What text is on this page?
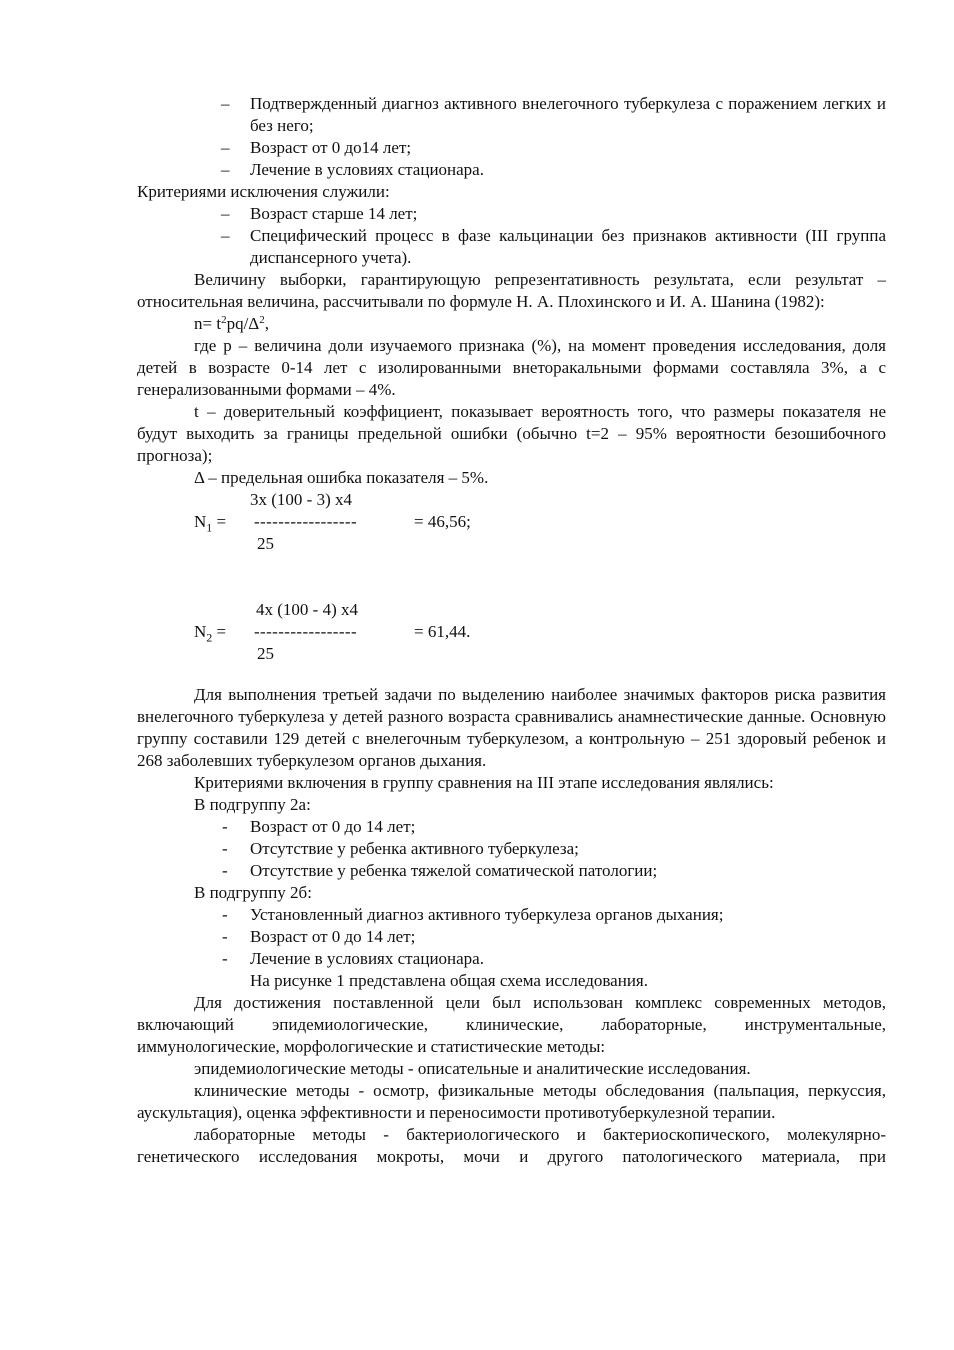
– Подтвержденный диагноз активного внелегочного туберкулеза с поражением легких и без него;

– Возраст от 0 до14 лет;

– Лечение в условиях стационара.

Критериями исключения служили:

– Возраст старше 14 лет;

– Специфический процесс в фазе кальцинации без признаков активности (III группа диспансерного учета).

Величину выборки, гарантирующую репрезентативность результата, если результат – относительная величина, рассчитывали по формуле Н. А. Плохинского и И. А. Шанина (1982):

$n= t^2pq/\Delta^2$,

где p – величина доли изучаемого признака (%), на момент проведения исследования, доля детей в возрасте 0-14 лет с изолированными внеторакальными формами составляла 3%, а с генерализованными формами – 4%.

t – доверительный коэффициент, показывает вероятность того, что размеры показателя не будут выходить за границы предельной ошибки (обычно t=2 – 95% вероятности безошибочного прогноза);

Δ – предельная ошибка показателя – 5%.

3х (100 - 3) х4
$N_1$ = -----------------	= 46,56;
25
4х (100 - 4) х4
$N_2$ = -----------------	= 61,44.
25

Для выполнения третьей задачи по выделению наиболее значимых факторов риска развития внелегочного туберкулеза у детей разного возраста сравнивались анамнестические данные. Основную группу составили 129 детей с внелегочным туберкулезом, а контрольную – 251 здоровый ребенок и 268 заболевших туберкулезом органов дыхания.

Критериями включения в группу сравнения на III этапе исследования являлись:

В подгруппу 2а:

- Возраст от 0 до 14 лет;

- Отсутствие у ребенка активного туберкулеза;

- Отсутствие у ребенка тяжелой соматической патологии;

В подгруппу 2б:

- Установленный диагноз активного туберкулеза органов дыхания;

- Возраст от 0 до 14 лет;

- Лечение в условиях стационара.

На рисунке 1 представлена общая схема исследования.

Для достижения поставленной цели был использован комплекс современных методов, включающий эпидемиологические, клинические, лабораторные, инструментальные, иммунологические, морфологические и статистические методы:

эпидемиологические методы - описательные и аналитические исследования.

клинические методы - осмотр, физикальные методы обследования (пальпация, перкуссия, аускультация), оценка эффективности и переносимости противотуберкулезной терапии.

лабораторные методы - бактериологического и бактериоскопического, молекулярно-генетического исследования мокроты, мочи и другого патологического материала, при
